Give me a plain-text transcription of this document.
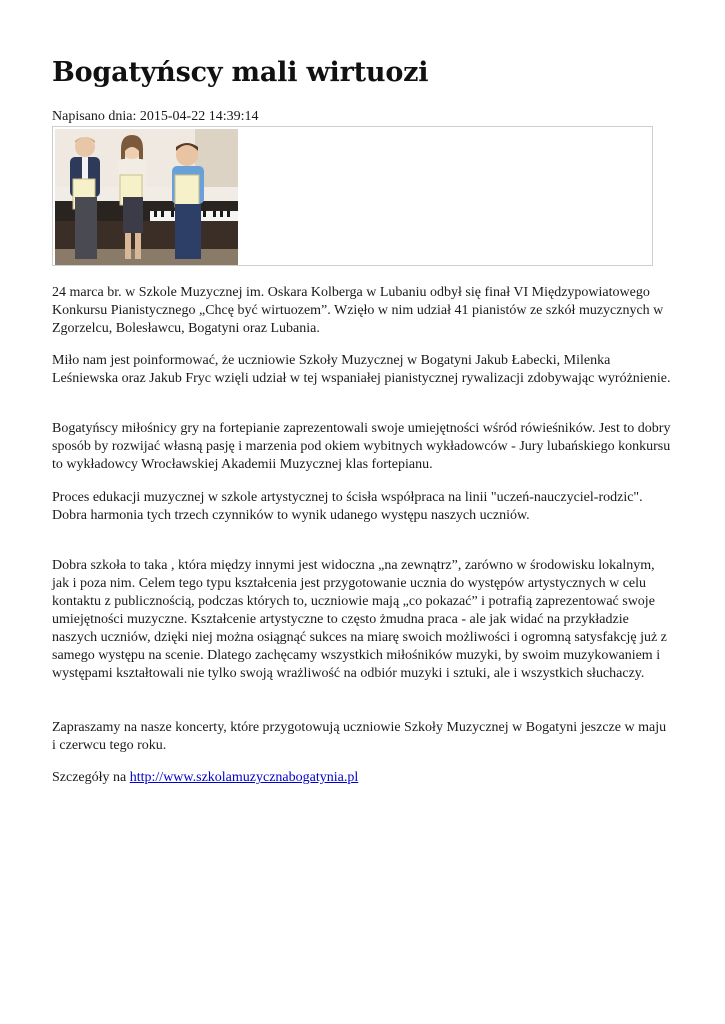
Bogatyńscy mali wirtuozi
Napisano dnia: 2015-04-22 14:39:14

24 marca br. w Szkole Muzycznej im. Oskara Kolberga w Lubaniu odbył się finał VI Międzypowiatowego Konkursu Pianistycznego „Chcę być wirtuozem”. Wzięło w nim udział 41 pianistów ze szkół muzycznych w Zgorzelcu, Bolesławcu, Bogatyni oraz Lubania.

Miło nam jest poinformować, że uczniowie Szkoły Muzycznej w Bogatyni Jakub Łabecki, Milenka Leśniewska oraz Jakub Fryc wzięli udział w tej wspaniałej pianistycznej rywalizacji zdobywając wyróżnienie.

Bogatyńscy miłośnicy gry na fortepianie zaprezentowali swoje umiejętności wśród rówieśników. Jest to dobry sposób by rozwijać własną pasję i marzenia pod okiem wybitnych wykładowców - Jury lubańskiego konkursu to wykładowcy Wrocławskiej Akademii Muzycznej klas fortepianu.

Proces edukacji muzycznej w szkole artystycznej to ścisła współpraca na linii "uczeń-nauczyciel-rodzic". Dobra harmonia tych trzech czynników to wynik udanego występu naszych uczniów.

Dobra szkoła to taka , która między innymi jest widoczna „na zewnątrz”, zarówno w środowisku lokalnym, jak i poza nim. Celem tego typu kształcenia jest przygotowanie ucznia do występów artystycznych w celu kontaktu z publicznością, podczas których to, uczniowie mają „co pokazać” i potrafią zaprezentować swoje umiejętności muzyczne. Kształcenie artystyczne to często żmudna praca - ale jak widać na przykładzie naszych uczniów, dzięki niej można osiągnąć sukces na miarę swoich możliwości i ogromną satysfakcję już z samego występu na scenie. Dlatego zachęcamy wszystkich miłośników muzyki, by swoim muzykowaniem i występami kształtowali nie tylko swoją wrażliwość na odbiór muzyki i sztuki, ale i wszystkich słuchaczy.

Zapraszamy na nasze koncerty, które przygotowują uczniowie Szkoły Muzycznej w Bogatyni jeszcze w maju i czerwcu tego roku.

Szczegóły na http://www.szkolamuzycznabogatynia.pl
